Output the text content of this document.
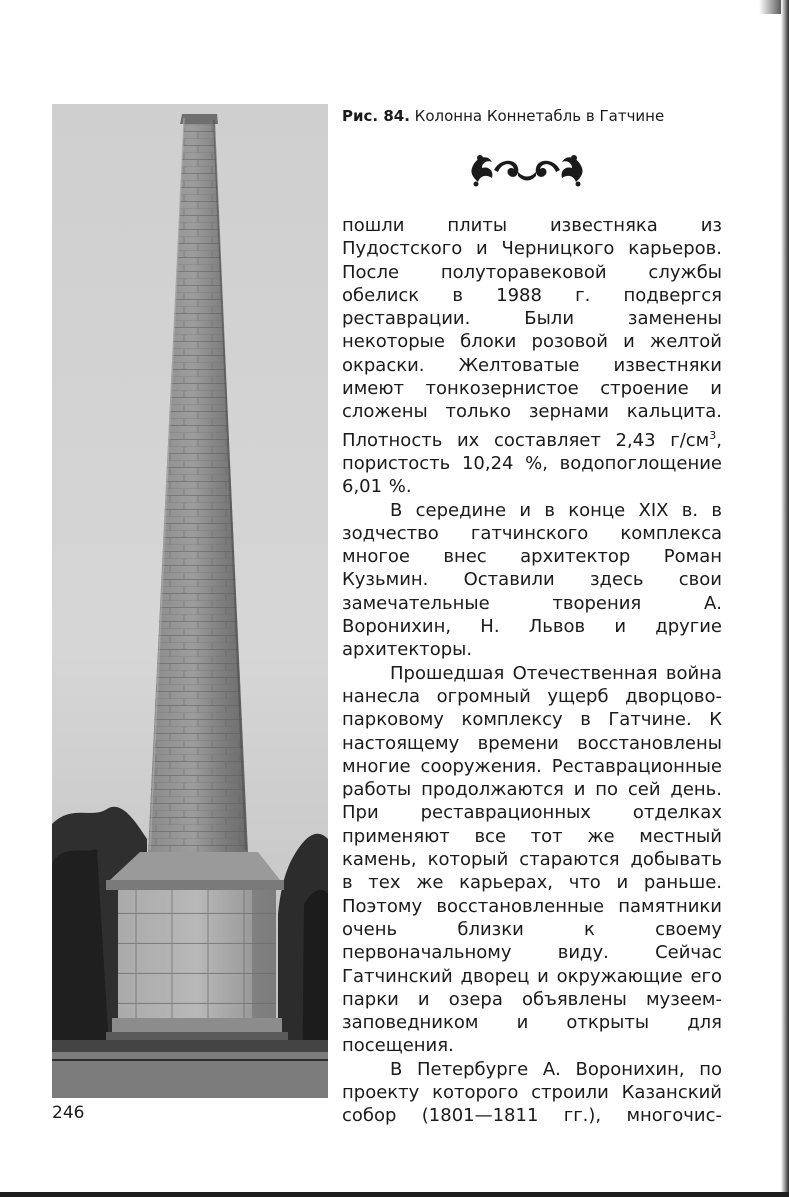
Рис. 84. Колонна Коннетабль в Гатчине

пошли плиты известняка из Пудостского и Черницкого карьеров. После полуторавековой службы обелиск в 1988 г. подвергся реставрации. Были заменены некоторые блоки розовой и желтой окраски. Желтоватые известняки имеют тонкозернистое строение и сложены только зернами кальцита. Плотность их составляет 2,43 $г/см^3$, пористость 10,24 %, водопоглощение 6,01 %.

В середине и в конце XIX в. в зодчество гатчинского комплекса многое внес архитектор Роман Кузьмин. Оставили здесь свои замечательные творения А. Воронихин, Н. Львов и другие архитекторы.

Прошедшая Отечественная война нанесла огромный ущерб дворцово-парковому комплексу в Гатчине. К настоящему времени восстановлены многие сооружения. Реставрационные работы продолжаются и по сей день. При реставрационных отделках применяют все тот же местный камень, который стараются добывать в тех же карьерах, что и раньше. Поэтому восстановленные памятники очень близки к своему первоначальному виду. Сейчас Гатчинский дворец и окружающие его парки и озера объявлены музеем-заповедником и открыты для посещения.

В Петербурге А. Воронихин, по проекту которого строили Казанский собор (1801—1811 гг.), многочис-

246
